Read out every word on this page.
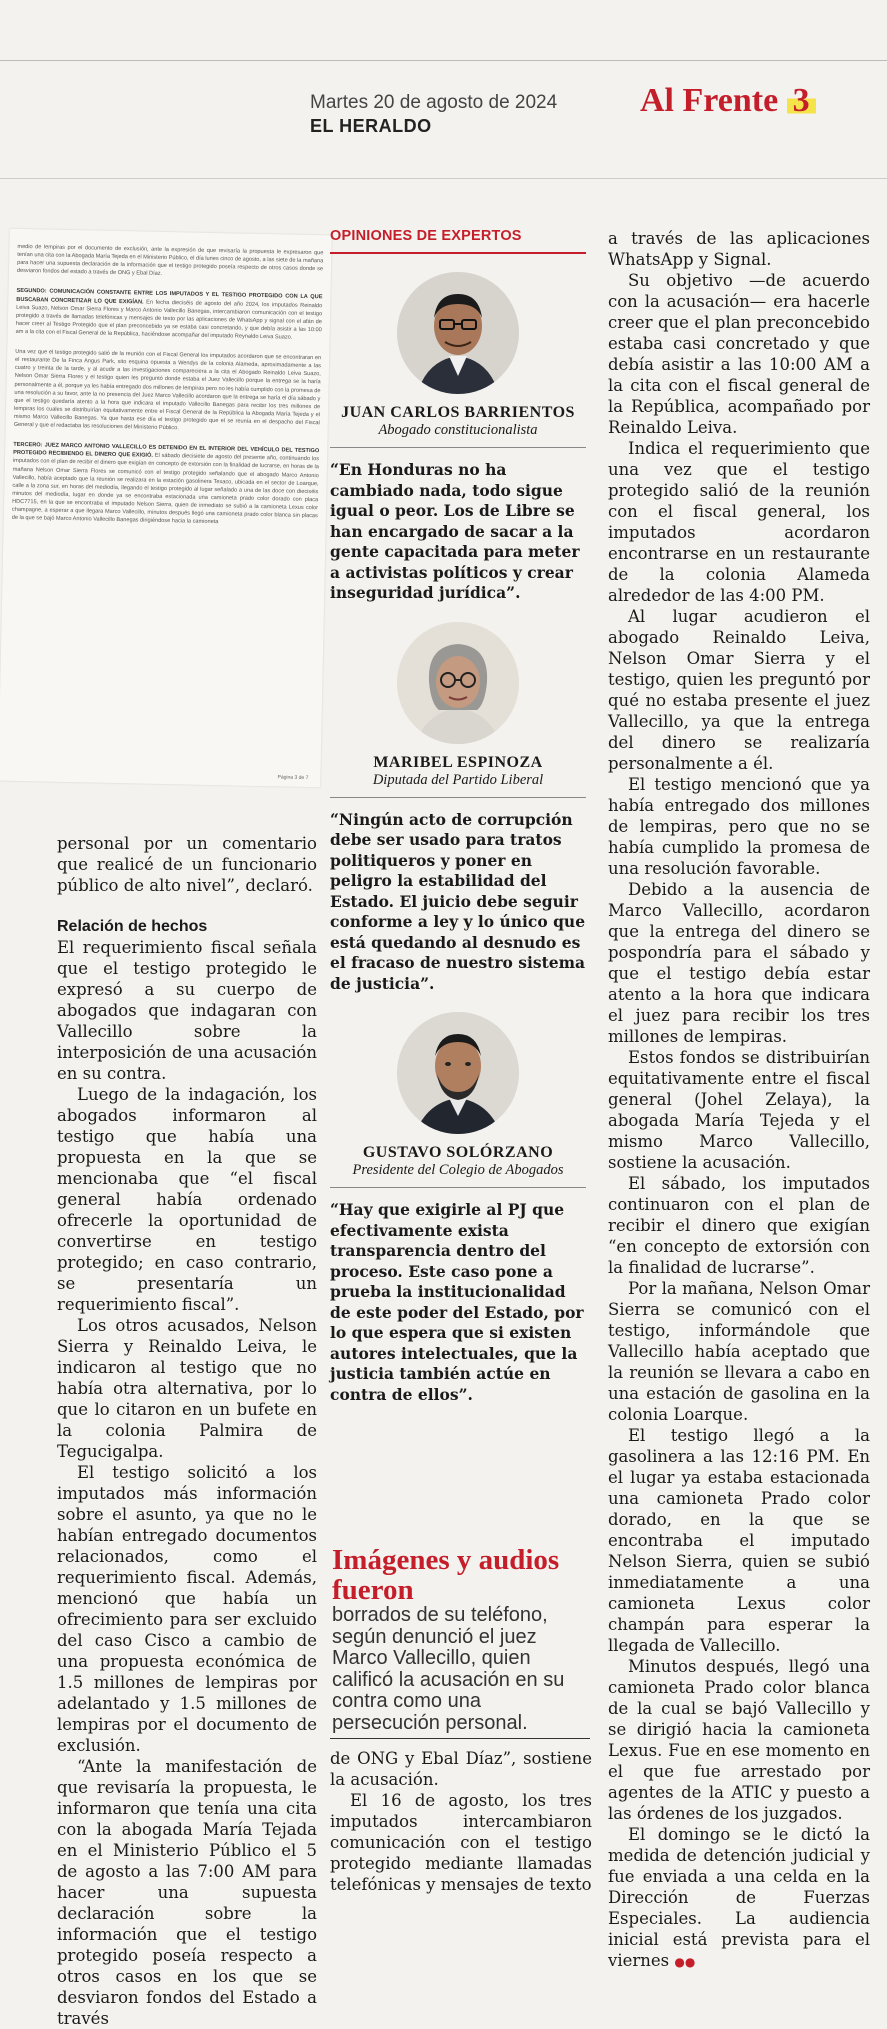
Martes 20 de agosto de 2024
EL HERALDO
Al Frente 3

medio de lempiras por el documento de exclusión, ante la expresión de que revisaría la propuesta le expresaron que tenían una cita con la Abogada María Tejeda en el Ministerio Público, el día lunes cinco de agosto, a las siete de la mañana para hacer una supuesta declaración de la información que el testigo protegido poseía respecto de otros casos donde se desviaron fondos del estado a través de ONG y Ebal Díaz.

SEGUNDO: COMUNICACIÓN CONSTANTE ENTRE LOS IMPUTADOS Y EL TESTIGO PROTEGIDO CON LA QUE BUSCABAN CONCRETIZAR LO QUE EXIGÍAN. En fecha dieciséis de agosto del año 2024, los imputados Reinaldo Leiva Suazo, Nelson Omar Sierra Flores y Marco Antonio Vallecillo Banegas, intercambiaron comunicación con el testigo protegido a través de llamadas telefónicas y mensajes de texto por las aplicaciones de WhatsApp y signal con el afán de hacer creer al Testigo Protegido que el plan preconcebido ya se estaba casi concretando, y que debía asistir a las 10:00 am a la cita con el Fiscal General de la República, haciéndose acompañar del imputado Reynaldo Leiva Suazo.

Una vez que el testigo protegido salió de la reunión con el Fiscal General los imputados acordaron que se encontraran en el restaurante De la Finca Angus Park, sito esquina opuesta a Wendys de la colonia Alameda, aproximadamente a las cuatro y treinta de la tarde, y al acudir a las investigaciones compareciera a la cita el Abogado Reinaldo Leiva Suazo, Nelson Omar Sierra Flores y el testigo quien les preguntó donde estaba el Juez Vallecillo porque la entrega se la haría personalmente a él, porque ya les había entregado dos millones de lempiras pero no les había cumplido con la promesa de una resolución a su favor, ante la no presencia del Juez Marco Vallecillo acordaron que la entrega se haría el día sábado y que el testigo quedaría atento a la hora que indicara el imputado Vallecillo Banegas para recibir los tres millones de lempiras los cuales se distribuirían equitativamente entre el Fiscal General de la República la Abogada María Tejeda y el mismo Marco Vallecillo Banegas. Ya que hasta ese día el testigo protegido que el se reunía en el despacho del Fiscal General y que el redactaba las resoluciones del Ministerio Público.

TERCERO: JUEZ MARCO ANTONIO VALLECILLO ES DETENIDO EN EL INTERIOR DEL VEHÍCULO DEL TESTIGO PROTEGIDO RECIBIENDO EL DINERO QUE EXIGIÓ. El sábado diecisiete de agosto del presente año, continuando los imputados con el plan de recibir el dinero que exigían en concepto de extorsión con la finalidad de lucrarse, en horas de la mañana Nelson Omar Sierra Flores se comunicó con el testigo protegido señalando que el abogado Marco Antonio Vallecillo, había aceptado que la reunión se realizara en la estación gasolinera Texaco, ubicada en el sector de Loarque, calle a la zona sur, en horas del mediodía, llegando el testigo protegido al lugar señalado a una de las doce con dieciséis minutos del mediodía, lugar en donde ya se encontraba estacionada una camioneta prado color dorado con placa HDC7715, en la que se encontraba el imputado Nelson Sierra, quien de inmediato se subió a la camioneta Lexus color champagne, a esperar a que llegara Marco Vallecillo, minutos después llegó una camioneta prado color blanca sin placas de la que se bajó Marco Antonio Vallecillo Banegas dirigiéndose hacia la camioneta

Página 3 de 7

personal por un comentario que realicé de un funcionario público de alto nivel”, declaró.

Relación de hechos

El requerimiento fiscal señala que el testigo protegido le expresó a su cuerpo de abogados que indagaran con Vallecillo sobre la interposición de una acusación en su contra.

Luego de la indagación, los abogados informaron al testigo que había una propuesta en la que se mencionaba que “el fiscal general había ordenado ofrecerle la oportunidad de convertirse en testigo protegido; en caso contrario, se presentaría un requerimiento fiscal”.

Los otros acusados, Nelson Sierra y Reinaldo Leiva, le indicaron al testigo que no había otra alternativa, por lo que lo citaron en un bufete en la colonia Palmira de Tegucigalpa.

El testigo solicitó a los imputados más información sobre el asunto, ya que no le habían entregado documentos relacionados, como el requerimiento fiscal. Además, mencionó que había un ofrecimiento para ser excluido del caso Cisco a cambio de una propuesta económica de 1.5 millones de lempiras por adelantado y 1.5 millones de lempiras por el documento de exclusión.

“Ante la manifestación de que revisaría la propuesta, le informaron que tenía una cita con la abogada María Tejada en el Ministerio Público el 5 de agosto a las 7:00 AM para hacer una supuesta declaración sobre la información que el testigo protegido poseía respecto a otros casos en los que se desviaron fondos del Estado a través

OPINIONES DE EXPERTOS
JUAN CARLOS BARRIENTOS
Abogado constitucionalista
“En Honduras no ha cambiado nada, todo sigue igual o peor. Los de Libre se han encargado de sacar a la gente capacitada para meter a activistas políticos y crear inseguridad jurídica”.
MARIBEL ESPINOZA
Diputada del Partido Liberal
“Ningún acto de corrupción debe ser usado para tratos politiqueros y poner en peligro la estabilidad del Estado. El juicio debe seguir conforme a ley y lo único que está quedando al desnudo es el fracaso de nuestro sistema de justicia”.
GUSTAVO SOLÓRZANO
Presidente del Colegio de Abogados
“Hay que exigirle al PJ que efectivamente exista transparencia dentro del proceso. Este caso pone a prueba la institucionalidad de este poder del Estado, por lo que espera que si existen autores intelectuales, que la justicia también actúe en contra de ellos”.
Imágenes y audios fueron
borrados de su teléfono, según denunció el juez Marco Vallecillo, quien calificó la acusación en su contra como una persecución personal.

de ONG y Ebal Díaz”, sostiene la acusación.

El 16 de agosto, los tres imputados intercambiaron comunicación con el testigo protegido mediante llamadas telefónicas y mensajes de texto

a través de las aplicaciones WhatsApp y Signal.

Su objetivo —de acuerdo con la acusación— era hacerle creer que el plan preconcebido estaba casi concretado y que debía asistir a las 10:00 AM a la cita con el fiscal general de la República, acompañado por Reinaldo Leiva.

Indica el requerimiento que una vez que el testigo protegido salió de la reunión con el fiscal general, los imputados acordaron encontrarse en un restaurante de la colonia Alameda alrededor de las 4:00 PM.

Al lugar acudieron el abogado Reinaldo Leiva, Nelson Omar Sierra y el testigo, quien les preguntó por qué no estaba presente el juez Vallecillo, ya que la entrega del dinero se realizaría personalmente a él.

El testigo mencionó que ya había entregado dos millones de lempiras, pero que no se había cumplido la promesa de una resolución favorable.

Debido a la ausencia de Marco Vallecillo, acordaron que la entrega del dinero se pospondría para el sábado y que el testigo debía estar atento a la hora que indicara el juez para recibir los tres millones de lempiras.

Estos fondos se distribuirían equitativamente entre el fiscal general (Johel Zelaya), la abogada María Tejeda y el mismo Marco Vallecillo, sostiene la acusación.

El sábado, los imputados continuaron con el plan de recibir el dinero que exigían “en concepto de extorsión con la finalidad de lucrarse”.

Por la mañana, Nelson Omar Sierra se comunicó con el testigo, informándole que Vallecillo había aceptado que la reunión se llevara a cabo en una estación de gasolina en la colonia Loarque.

El testigo llegó a la gasolinera a las 12:16 PM. En el lugar ya estaba estacionada una camioneta Prado color dorado, en la que se encontraba el imputado Nelson Sierra, quien se subió inmediatamente a una camioneta Lexus color champán para esperar la llegada de Vallecillo.

Minutos después, llegó una camioneta Prado color blanca de la cual se bajó Vallecillo y se dirigió hacia la camioneta Lexus. Fue en ese momento en el que fue arrestado por agentes de la ATIC y puesto a las órdenes de los juzgados.

El domingo se le dictó la medida de detención judicial y fue enviada a una celda en la Dirección de Fuerzas Especiales. La audiencia inicial está prevista para el viernes ●●
